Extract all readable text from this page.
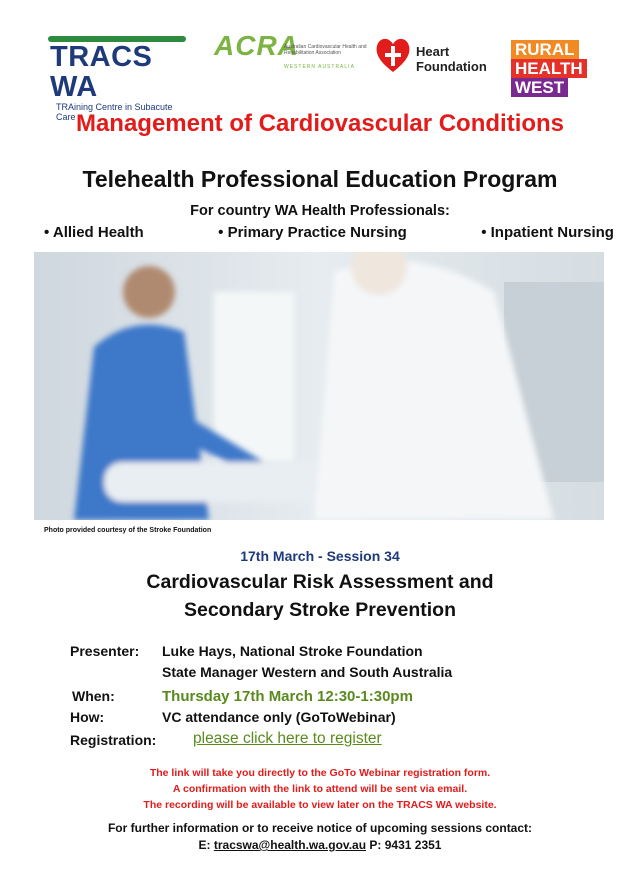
TRACS WA
TRAining Centre in Subacute Care
ACRA
Australian Cardiovascular Health and Rehabilitation Association
WESTERN AUSTRALIA
Heart
Foundation
RURAL
HEALTH
WEST
Management of Cardiovascular Conditions
Telehealth Professional Education Program
For country WA Health Professionals:
• Allied Health	• Primary Practice Nursing	• Inpatient Nursing
Photo provided courtesy of the Stroke Foundation
17th March - Session 34
Cardiovascular Risk Assessment and
Secondary Stroke Prevention
Presenter: Luke Hays, National Stroke Foundation
State Manager Western and South Australia
When:	Thursday 17th March 12:30-1:30pm
How:	VC attendance only (GoToWebinar)
Registration: please click here to register
The link will take you directly to the GoTo Webinar registration form.
A confirmation with the link to attend will be sent via email.
The recording will be available to view later on the TRACS WA website.
For further information or to receive notice of upcoming sessions contact:
E: tracswa@health.wa.gov.au P: 9431 2351
